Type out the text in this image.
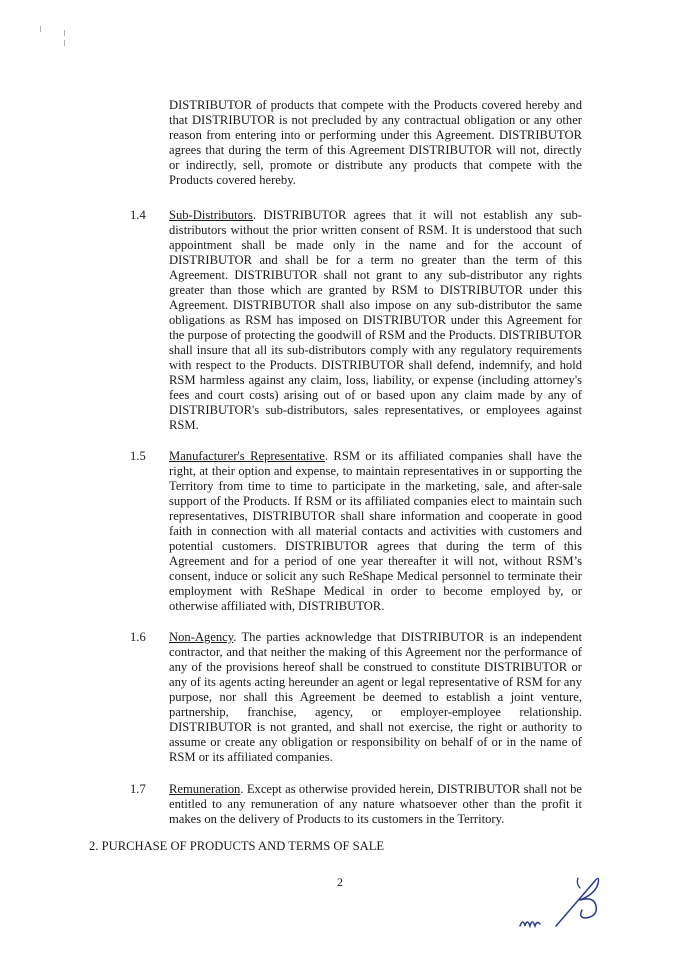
DISTRIBUTOR of products that compete with the Products covered hereby and that DISTRIBUTOR is not precluded by any contractual obligation or any other reason from entering into or performing under this Agreement. DISTRIBUTOR agrees that during the term of this Agreement DISTRIBUTOR will not, directly or indirectly, sell, promote or distribute any products that compete with the Products covered hereby.
1.4 Sub-Distributors. DISTRIBUTOR agrees that it will not establish any sub-distributors without the prior written consent of RSM. It is understood that such appointment shall be made only in the name and for the account of DISTRIBUTOR and shall be for a term no greater than the term of this Agreement. DISTRIBUTOR shall not grant to any sub-distributor any rights greater than those which are granted by RSM to DISTRIBUTOR under this Agreement. DISTRIBUTOR shall also impose on any sub-distributor the same obligations as RSM has imposed on DISTRIBUTOR under this Agreement for the purpose of protecting the goodwill of RSM and the Products. DISTRIBUTOR shall insure that all its sub-distributors comply with any regulatory requirements with respect to the Products. DISTRIBUTOR shall defend, indemnify, and hold RSM harmless against any claim, loss, liability, or expense (including attorney's fees and court costs) arising out of or based upon any claim made by any of DISTRIBUTOR's sub-distributors, sales representatives, or employees against RSM.
1.5 Manufacturer's Representative. RSM or its affiliated companies shall have the right, at their option and expense, to maintain representatives in or supporting the Territory from time to time to participate in the marketing, sale, and after-sale support of the Products. If RSM or its affiliated companies elect to maintain such representatives, DISTRIBUTOR shall share information and cooperate in good faith in connection with all material contacts and activities with customers and potential customers. DISTRIBUTOR agrees that during the term of this Agreement and for a period of one year thereafter it will not, without RSM’s consent, induce or solicit any such ReShape Medical personnel to terminate their employment with ReShape Medical in order to become employed by, or otherwise affiliated with, DISTRIBUTOR.
1.6 Non-Agency. The parties acknowledge that DISTRIBUTOR is an independent contractor, and that neither the making of this Agreement nor the performance of any of the provisions hereof shall be construed to constitute DISTRIBUTOR or any of its agents acting hereunder an agent or legal representative of RSM for any purpose, nor shall this Agreement be deemed to establish a joint venture, partnership, franchise, agency, or employer-employee relationship. DISTRIBUTOR is not granted, and shall not exercise, the right or authority to assume or create any obligation or responsibility on behalf of or in the name of RSM or its affiliated companies.
1.7 Remuneration. Except as otherwise provided herein, DISTRIBUTOR shall not be entitled to any remuneration of any nature whatsoever other than the profit it makes on the delivery of Products to its customers in the Territory.
2. PURCHASE OF PRODUCTS AND TERMS OF SALE
2
